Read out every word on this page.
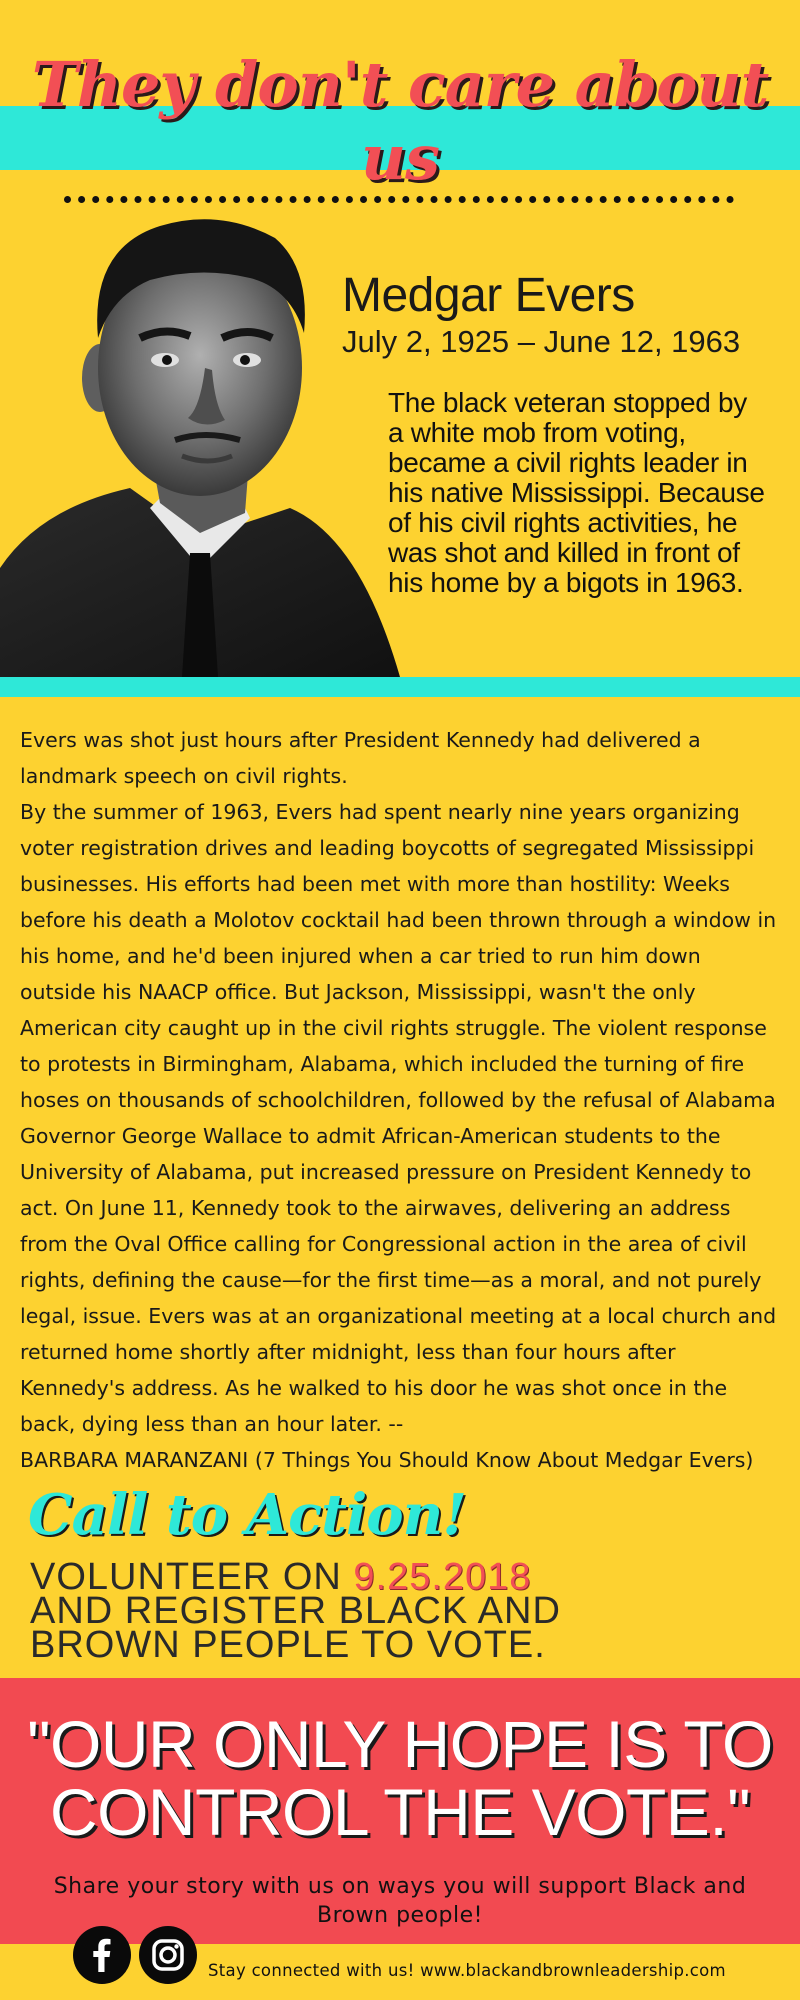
They don't care about us
Medgar Evers

July 2, 1925 – June 12, 1963

The black veteran stopped by a white mob from voting, became a civil rights leader in his native Mississippi. Because of his civil rights activities, he was shot and killed in front of his home by a bigots in 1963.

Evers was shot just hours after President Kennedy had delivered a landmark speech on civil rights.

By the summer of 1963, Evers had spent nearly nine years organizing voter registration drives and leading boycotts of segregated Mississippi businesses. His efforts had been met with more than hostility: Weeks before his death a Molotov cocktail had been thrown through a window in his home, and he'd been injured when a car tried to run him down outside his NAACP office. But Jackson, Mississippi, wasn't the only American city caught up in the civil rights struggle. The violent response to protests in Birmingham, Alabama, which included the turning of fire hoses on thousands of schoolchildren, followed by the refusal of Alabama Governor George Wallace to admit African-American students to the University of Alabama, put increased pressure on President Kennedy to act. On June 11, Kennedy took to the airwaves, delivering an address from the Oval Office calling for Congressional action in the area of civil rights, defining the cause—for the first time—as a moral, and not purely legal, issue. Evers was at an organizational meeting at a local church and returned home shortly after midnight, less than four hours after Kennedy's address. As he walked to his door he was shot once in the back, dying less than an hour later. --

BARBARA MARANZANI (7 Things You Should Know About Medgar Evers)

Call to Action!

VOLUNTEER ON 9.25.2018 AND REGISTER BLACK AND BROWN PEOPLE TO VOTE.

"OUR ONLY HOPE IS TO CONTROL THE VOTE."

Share your story with us on ways you will support Black and Brown people!

Stay connected with us! www.blackandbrownleadership.com
